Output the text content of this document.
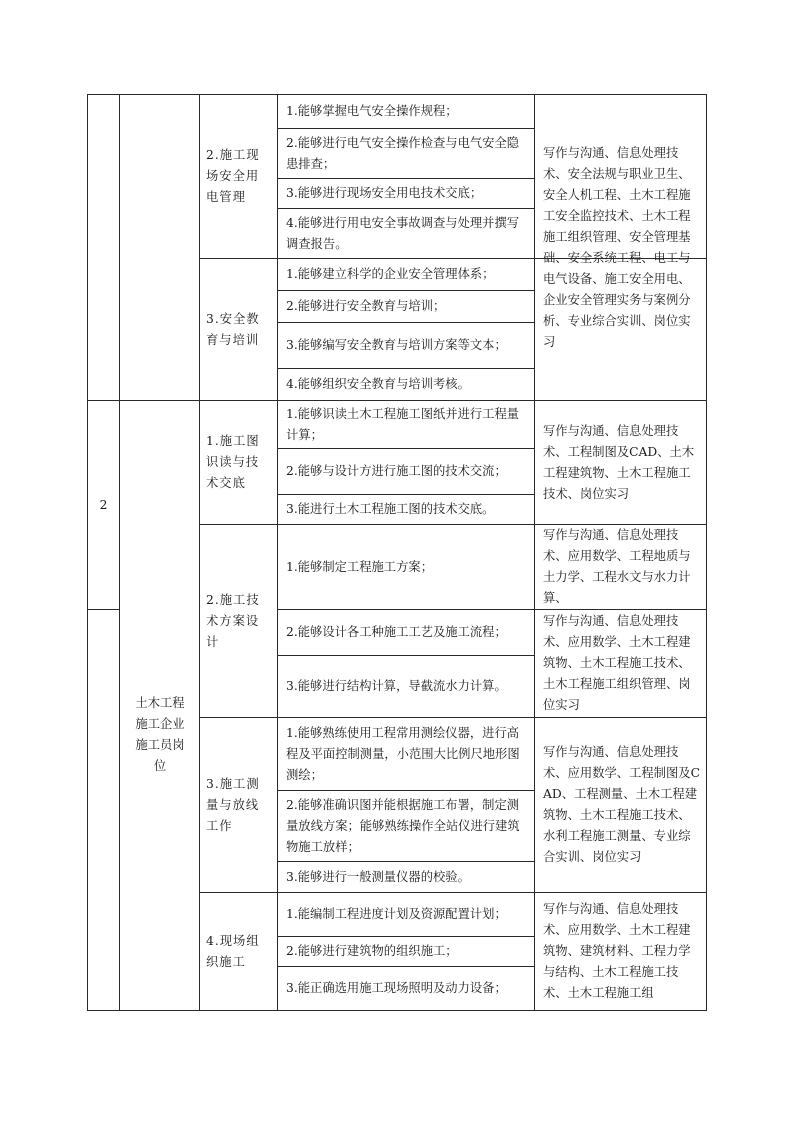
2
土木工程施工企业施工员岗位
2.施工现场安全用电管理
3.安全教育与培训
1.施工图识读与技术交底
2.施工技术方案设计
3.施工测量与放线工作
4.现场组织施工
1.能够掌握电气安全操作规程；
2.能够进行电气安全操作检查与电气安全隐患排查；
3.能够进行现场安全用电技术交底；
4.能够进行用电安全事故调查与处理并撰写调查报告。
1.能够建立科学的企业安全管理体系；
2.能够进行安全教育与培训；
3.能够编写安全教育与培训方案等文本；
4.能够组织安全教育与培训考核。
1.能够识读土木工程施工图纸并进行工程量计算；
2.能够与设计方进行施工图的技术交流；
3.能进行土木工程施工图的技术交底。
1.能够制定工程施工方案；
2.能够设计各工种施工工艺及施工流程；
3.能够进行结构计算，导截流水力计算。
1.能够熟练使用工程常用测绘仪器，进行高程及平面控制测量，小范围大比例尺地形图测绘；
2.能够准确识图并能根据施工布署，制定测量放线方案；能够熟练操作全站仪进行建筑物施工放样；
3.能够进行一般测量仪器的校验。
1.能编制工程进度计划及资源配置计划；
2.能够进行建筑物的组织施工；
3.能正确选用施工现场照明及动力设备；
写作与沟通、信息处理技术、安全法规与职业卫生、安全人机工程、土木工程施工安全监控技术、土木工程施工组织管理、安全管理基础、安全系统工程、电工与电气设备、施工安全用电、企业安全管理实务与案例分析、专业综合实训、岗位实习
写作与沟通、信息处理技术、工程制图及CAD、土木工程建筑物、土木工程施工技术、岗位实习
写作与沟通、信息处理技术、应用数学、工程地质与土力学、工程水文与水力计算、
写作与沟通、信息处理技术、应用数学、土木工程建筑物、土木工程施工技术、土木工程施工组织管理、岗位实习
写作与沟通、信息处理技术、应用数学、工程制图及CAD、工程测量、土木工程建筑物、土木工程施工技术、水利工程施工测量、专业综合实训、岗位实习
写作与沟通、信息处理技术、应用数学、土木工程建筑物、建筑材料、工程力学与结构、土木工程施工技术、土木工程施工组
